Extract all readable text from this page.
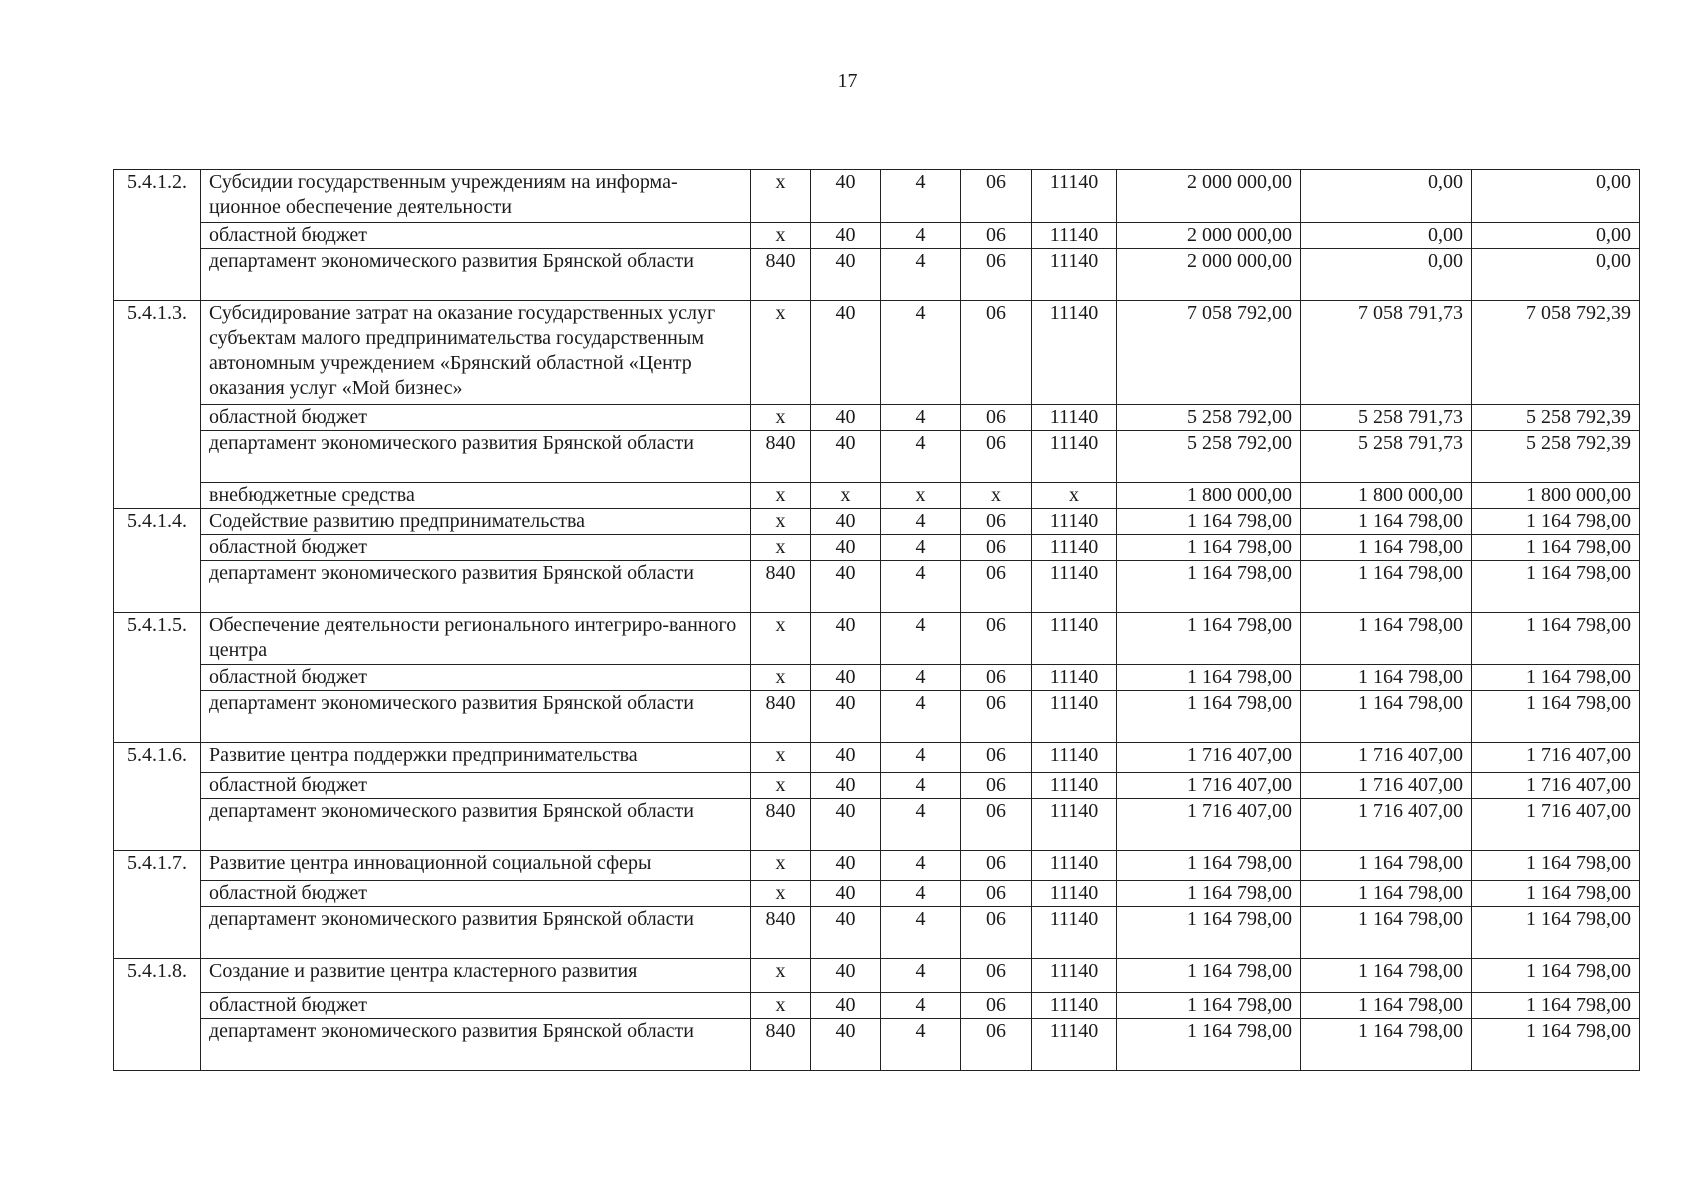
17
5.4.1.2.	Субсидии государственным учреждениям на информа-ционное обеспечение деятельности	x	40	4	06	11140	2 000 000,00	0,00	0,00
	областной бюджет	x	40	4	06	11140	2 000 000,00	0,00	0,00
	департамент экономического развития Брянской области	840	40	4	06	11140	2 000 000,00	0,00	0,00
5.4.1.3.	Субсидирование затрат на оказание государственных услуг субъектам малого предпринимательства государственным автономным учреждением «Брянский областной «Центр оказания услуг «Мой бизнес»	x	40	4	06	11140	7 058 792,00	7 058 791,73	7 058 792,39
	областной бюджет	x	40	4	06	11140	5 258 792,00	5 258 791,73	5 258 792,39
	департамент экономического развития Брянской области	840	40	4	06	11140	5 258 792,00	5 258 791,73	5 258 792,39
	внебюджетные средства	x	x	x	x	x	1 800 000,00	1 800 000,00	1 800 000,00
5.4.1.4.	Содействие развитию предпринимательства	x	40	4	06	11140	1 164 798,00	1 164 798,00	1 164 798,00
	областной бюджет	x	40	4	06	11140	1 164 798,00	1 164 798,00	1 164 798,00
	департамент экономического развития Брянской области	840	40	4	06	11140	1 164 798,00	1 164 798,00	1 164 798,00
5.4.1.5.	Обеспечение деятельности регионального интегриро-ванного центра	x	40	4	06	11140	1 164 798,00	1 164 798,00	1 164 798,00
	областной бюджет	x	40	4	06	11140	1 164 798,00	1 164 798,00	1 164 798,00
	департамент экономического развития Брянской области	840	40	4	06	11140	1 164 798,00	1 164 798,00	1 164 798,00
5.4.1.6.	Развитие центра поддержки предпринимательства	x	40	4	06	11140	1 716 407,00	1 716 407,00	1 716 407,00
	областной бюджет	x	40	4	06	11140	1 716 407,00	1 716 407,00	1 716 407,00
	департамент экономического развития Брянской области	840	40	4	06	11140	1 716 407,00	1 716 407,00	1 716 407,00
5.4.1.7.	Развитие центра инновационной социальной сферы	x	40	4	06	11140	1 164 798,00	1 164 798,00	1 164 798,00
	областной бюджет	x	40	4	06	11140	1 164 798,00	1 164 798,00	1 164 798,00
	департамент экономического развития Брянской области	840	40	4	06	11140	1 164 798,00	1 164 798,00	1 164 798,00
5.4.1.8.	Создание и развитие центра кластерного развития	x	40	4	06	11140	1 164 798,00	1 164 798,00	1 164 798,00
	областной бюджет	x	40	4	06	11140	1 164 798,00	1 164 798,00	1 164 798,00
	департамент экономического развития Брянской области	840	40	4	06	11140	1 164 798,00	1 164 798,00	1 164 798,00
